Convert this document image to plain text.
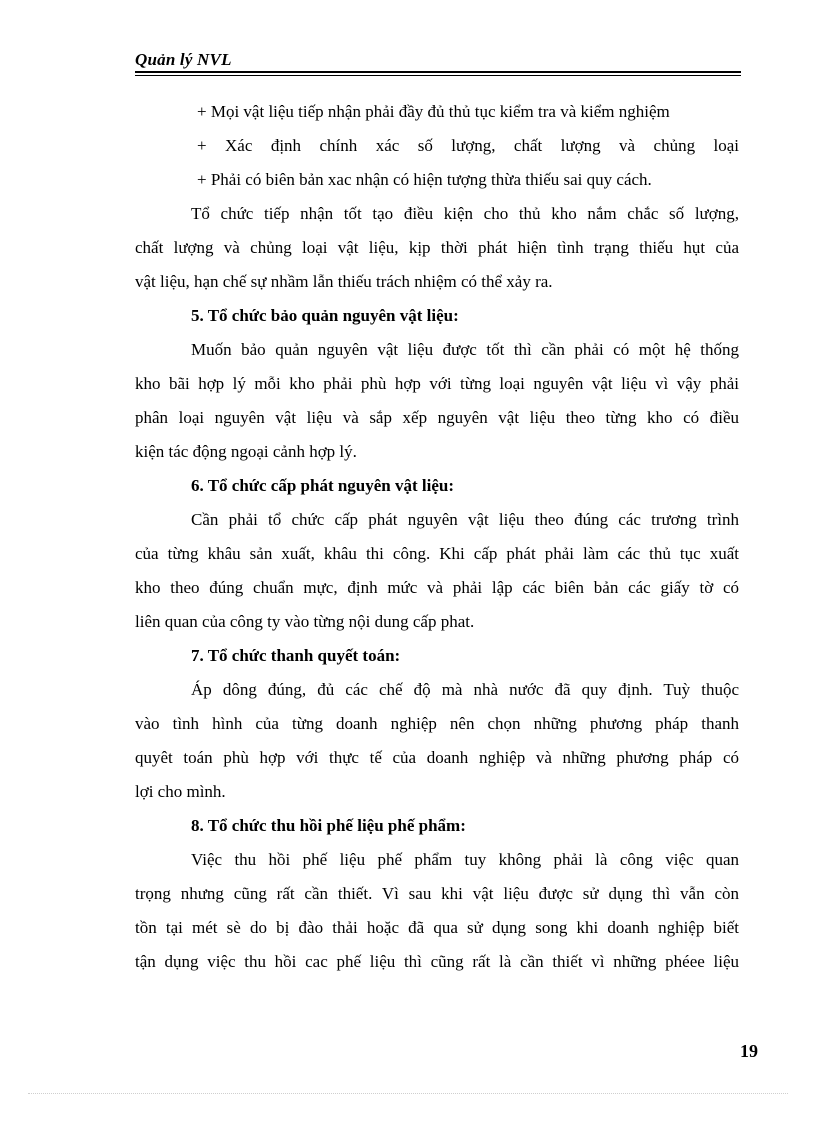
Quản lý NVL
+ Mọi vật liệu tiếp nhận phải đầy đủ thủ tục kiểm tra và kiểm nghiệm
+ Xác định chính xác số lượng, chất lượng và chủng loại
+ Phải có biên bản xac nhận có hiện tượng thừa thiếu sai quy cách.
Tổ chức tiếp nhận tốt tạo điều kiện cho thủ kho nắm chắc số lượng,
chất lượng và chủng loại vật liệu, kịp thời phát hiện tình trạng thiếu hụt của
vật liệu, hạn chế sự nhầm lẫn thiếu trách nhiệm có thể xảy ra.
5. Tổ chức bảo quản nguyên vật liệu:
Muốn bảo quản nguyên vật liệu được tốt thì cần phải có một hệ thống
kho bãi hợp lý mỗi kho phải phù hợp với từng loại nguyên vật liệu vì vậy phải
phân loại nguyên vật liệu và sắp xếp nguyên vật liệu theo từng kho có điều
kiện tác động ngoại cảnh hợp lý.
6. Tổ chức cấp phát nguyên vật liệu:
Cần phải tổ chức cấp phát nguyên vật liệu theo đúng các trương trình
của từng khâu sản xuất, khâu thi công. Khi cấp phát phải làm các thủ tục xuất
kho theo đúng chuẩn mực, định mức và phải lập các biên bản các giấy tờ có
liên quan của công ty vào từng nội dung cấp phat.
7. Tổ chức thanh quyết toán:
Áp dông đúng, đủ các chế độ mà nhà nước đã quy định. Tuỳ thuộc
vào tình hình của từng doanh nghiệp nên chọn những phương pháp thanh
quyêt toán phù hợp với thực tế của doanh nghiệp và những phương pháp có
lợi cho mình.
8. Tổ chức thu hồi phế liệu phế phẩm:
Việc thu hồi phế liệu phế phẩm tuy không phải là công việc quan
trọng nhưng cũng rất cần thiết. Vì sau khi vật liệu được sử dụng thì vẫn còn
tồn tại mét sè do bị đào thải hoặc đã qua sử dụng song khi doanh nghiệp biết
tận dụng việc thu hồi cac phế liệu thì cũng rất là cần thiết vì những phéee liệu
19
